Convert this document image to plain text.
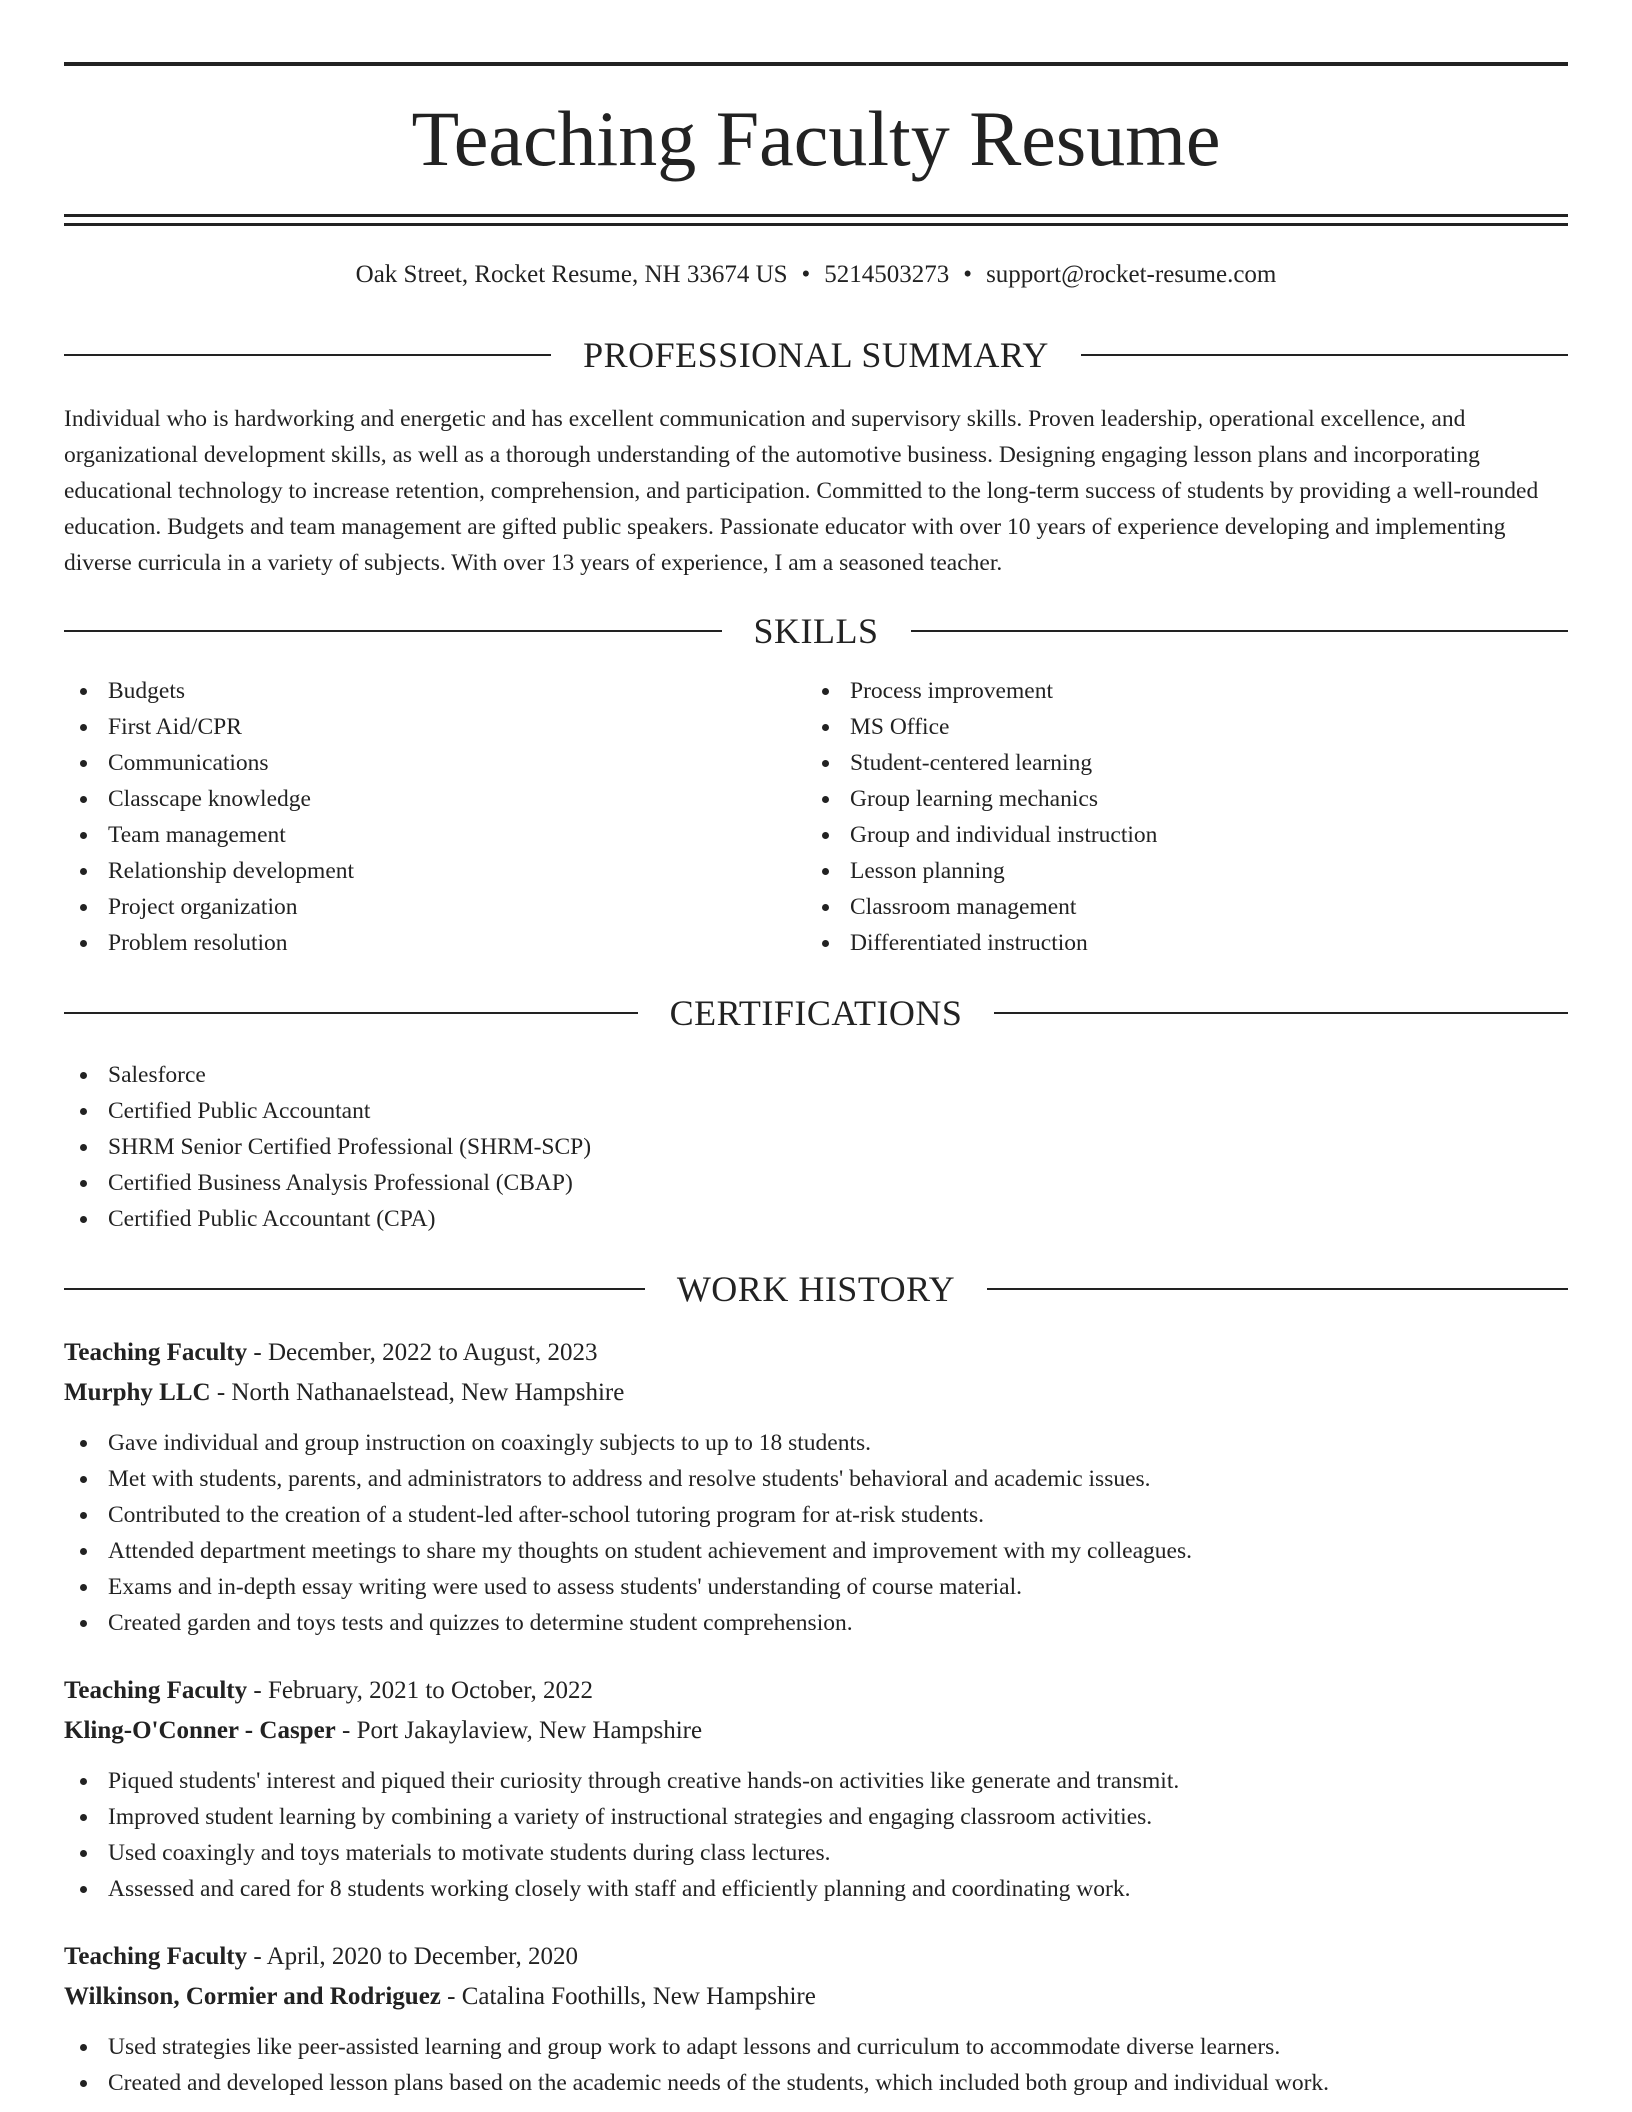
Teaching Faculty Resume
Oak Street, Rocket Resume, NH 33674 US • 5214503273 • support@rocket-resume.com
PROFESSIONAL SUMMARY

Individual who is hardworking and energetic and has excellent communication and supervisory skills. Proven leadership, operational excellence, and organizational development skills, as well as a thorough understanding of the automotive business. Designing engaging lesson plans and incorporating educational technology to increase retention, comprehension, and participation. Committed to the long-term success of students by providing a well-rounded education. Budgets and team management are gifted public speakers. Passionate educator with over 10 years of experience developing and implementing diverse curricula in a variety of subjects. With over 13 years of experience, I am a seasoned teacher.

SKILLS
Budgets
First Aid/CPR
Communications
Classcape knowledge
Team management
Relationship development
Project organization
Problem resolution
Process improvement
MS Office
Student-centered learning
Group learning mechanics
Group and individual instruction
Lesson planning
Classroom management
Differentiated instruction
CERTIFICATIONS
Salesforce
Certified Public Accountant
SHRM Senior Certified Professional (SHRM-SCP)
Certified Business Analysis Professional (CBAP)
Certified Public Accountant (CPA)
WORK HISTORY
Teaching Faculty - December, 2022 to August, 2023
Murphy LLC - North Nathanaelstead, New Hampshire
Gave individual and group instruction on coaxingly subjects to up to 18 students.
Met with students, parents, and administrators to address and resolve students' behavioral and academic issues.
Contributed to the creation of a student-led after-school tutoring program for at-risk students.
Attended department meetings to share my thoughts on student achievement and improvement with my colleagues.
Exams and in-depth essay writing were used to assess students' understanding of course material.
Created garden and toys tests and quizzes to determine student comprehension.
Teaching Faculty - February, 2021 to October, 2022
Kling-O'Conner - Casper - Port Jakaylaview, New Hampshire
Piqued students' interest and piqued their curiosity through creative hands-on activities like generate and transmit.
Improved student learning by combining a variety of instructional strategies and engaging classroom activities.
Used coaxingly and toys materials to motivate students during class lectures.
Assessed and cared for 8 students working closely with staff and efficiently planning and coordinating work.
Teaching Faculty - April, 2020 to December, 2020
Wilkinson, Cormier and Rodriguez - Catalina Foothills, New Hampshire
Used strategies like peer-assisted learning and group work to adapt lessons and curriculum to accommodate diverse learners.
Created and developed lesson plans based on the academic needs of the students, which included both group and individual work.
